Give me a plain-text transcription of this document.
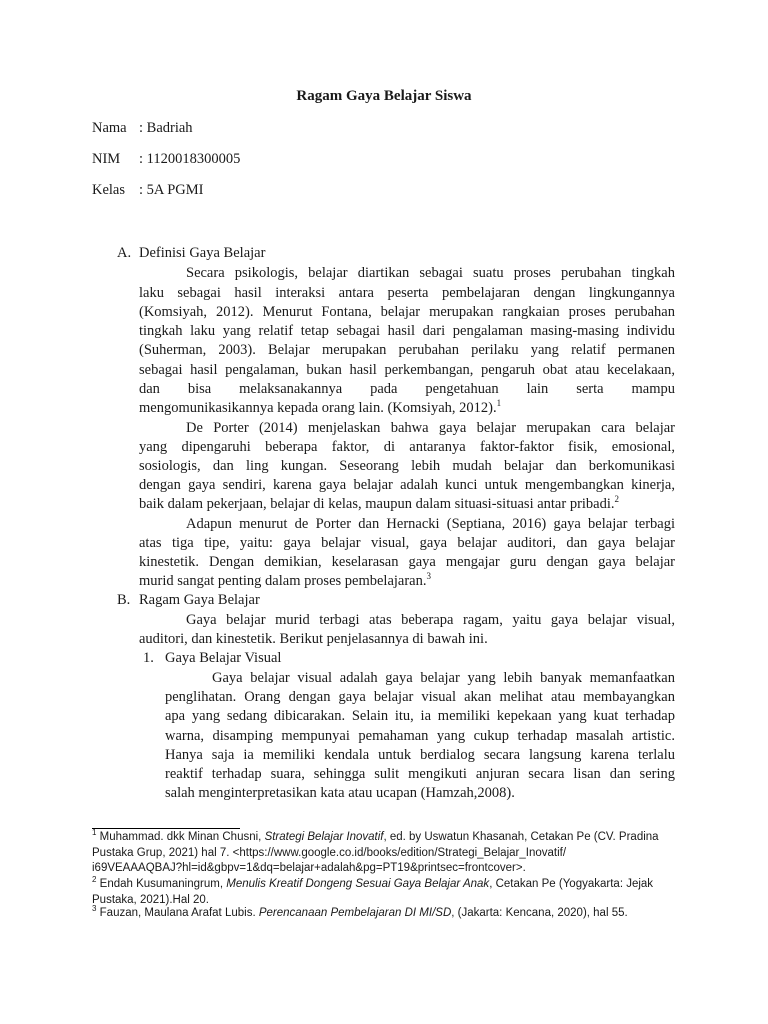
Ragam Gaya Belajar Siswa
Nama : Badriah
NIM : 1120018300005
Kelas : 5A PGMI
A. Definisi Gaya Belajar
Secara psikologis, belajar diartikan sebagai suatu proses perubahan tingkah
laku sebagai hasil interaksi antara peserta pembelajaran dengan lingkungannya
(Komsiyah, 2012). Menurut Fontana, belajar merupakan rangkaian proses perubahan
tingkah laku yang relatif tetap sebagai hasil dari pengalaman masing-masing individu
(Suherman, 2003). Belajar merupakan perubahan perilaku yang relatif permanen
sebagai hasil pengalaman, bukan hasil perkembangan, pengaruh obat atau kecelakaan,
dan bisa melaksanakannya pada pengetahuan lain serta mampu
mengomunikasikannya kepada orang lain. (Komsiyah, 2012).$^1$
De Porter (2014) menjelaskan bahwa gaya belajar merupakan cara belajar
yang dipengaruhi beberapa faktor, di antaranya faktor-faktor fisik, emosional,
sosiologis, dan ling kungan. Seseorang lebih mudah belajar dan berkomunikasi
dengan gaya sendiri, karena gaya belajar adalah kunci untuk mengembangkan kinerja,
baik dalam pekerjaan, belajar di kelas, maupun dalam situasi-situasi antar pribadi.$^2$
Adapun menurut de Porter dan Hernacki (Septiana, 2016) gaya belajar terbagi
atas tiga tipe, yaitu: gaya belajar visual, gaya belajar auditori, dan gaya belajar
kinestetik. Dengan demikian, keselarasan gaya mengajar guru dengan gaya belajar
murid sangat penting dalam proses pembelajaran.$^3$
B. Ragam Gaya Belajar
Gaya belajar murid terbagi atas beberapa ragam, yaitu gaya belajar visual,
auditori, dan kinestetik. Berikut penjelasannya di bawah ini.
1. Gaya Belajar Visual
Gaya belajar visual adalah gaya belajar yang lebih banyak memanfaatkan
penglihatan. Orang dengan gaya belajar visual akan melihat atau membayangkan
apa yang sedang dibicarakan. Selain itu, ia memiliki kepekaan yang kuat terhadap
warna, disamping mempunyai pemahaman yang cukup terhadap masalah artistic.
Hanya saja ia memiliki kendala untuk berdialog secara langsung karena terlalu
reaktif terhadap suara, sehingga sulit mengikuti anjuran secara lisan dan sering
salah menginterpretasikan kata atau ucapan (Hamzah,2008).
$^1$ Muhammad. dkk Minan Chusni, Strategi Belajar Inovatif, ed. by Uswatun Khasanah, Cetakan Pe (CV. Pradina
Pustaka Grup, 2021) hal 7. <https://www.google.co.id/books/edition/Strategi_Belajar_Inovatif/
i69VEAAAQBAJ?hl=id&gbpv=1&dq=belajar+adalah&pg=PT19&printsec=frontcover>.
$^2$ Endah Kusumaningrum, Menulis Kreatif Dongeng Sesuai Gaya Belajar Anak, Cetakan Pe (Yogyakarta: Jejak
Pustaka, 2021).Hal 20.
$^3$ Fauzan, Maulana Arafat Lubis. Perencanaan Pembelajaran DI MI/SD, (Jakarta: Kencana, 2020), hal 55.
